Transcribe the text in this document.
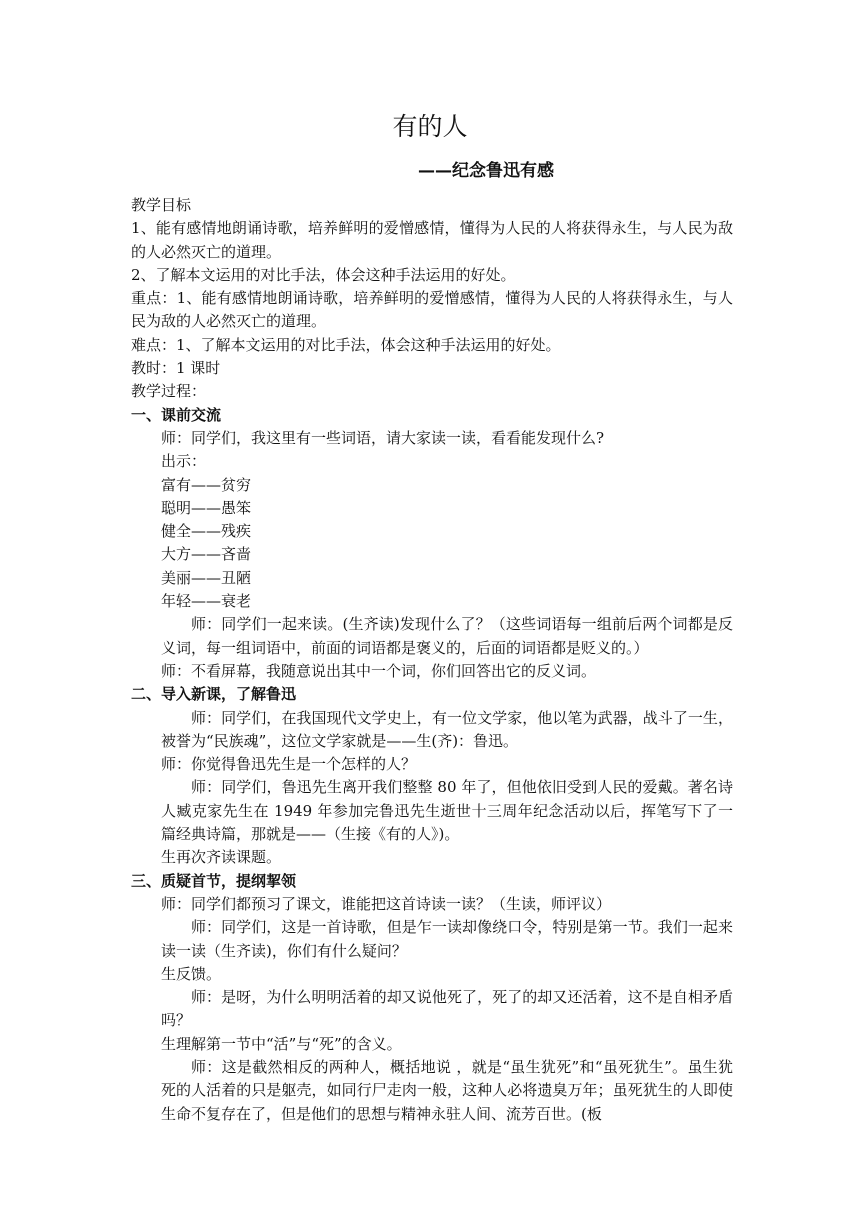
有的人
——纪念鲁迅有感
教学目标
1、能有感情地朗诵诗歌，培养鲜明的爱憎感情，懂得为人民的人将获得永生，与人民为敌的人必然灭亡的道理。
2、了解本文运用的对比手法，体会这种手法运用的好处。
重点：1、能有感情地朗诵诗歌，培养鲜明的爱憎感情，懂得为人民的人将获得永生，与人民为敌的人必然灭亡的道理。
难点：1、了解本文运用的对比手法，体会这种手法运用的好处。
教时：1 课时
教学过程：
一、课前交流
师：同学们，我这里有一些词语，请大家读一读，看看能发现什么?
出示：
富有——贫穷
聪明——愚笨
健全——残疾
大方——吝啬
美丽——丑陋
年轻——衰老
师：同学们一起来读。(生齐读)发现什么了？（这些词语每一组前后两个词都是反义词，每一组词语中，前面的词语都是褒义的，后面的词语都是贬义的。）
师：不看屏幕，我随意说出其中一个词，你们回答出它的反义词。
二、导入新课，了解鲁迅
师：同学们，在我国现代文学史上，有一位文学家，他以笔为武器，战斗了一生，被誉为“民族魂”，这位文学家就是——生(齐)：鲁迅。
师：你觉得鲁迅先生是一个怎样的人？
师：同学们，鲁迅先生离开我们整整 80 年了，但他依旧受到人民的爱戴。著名诗人臧克家先生在 1949 年参加完鲁迅先生逝世十三周年纪念活动以后，挥笔写下了一篇经典诗篇，那就是——（生接《有的人》)。
生再次齐读课题。
三、质疑首节，提纲挈领
师：同学们都预习了课文，谁能把这首诗读一读？（生读，师评议）
师：同学们，这是一首诗歌，但是乍一读却像绕口令，特别是第一节。我们一起来读一读（生齐读)，你们有什么疑问？
生反馈。
师：是呀，为什么明明活着的却又说他死了，死了的却又还活着，这不是自相矛盾吗？
生理解第一节中“活”与“死”的含义。
师：这是截然相反的两种人，概括地说 ，就是“虽生犹死”和“虽死犹生”。虽生犹死的人活着的只是躯壳，如同行尸走肉一般，这种人必将遗臭万年；虽死犹生的人即使生命不复存在了，但是他们的思想与精神永驻人间、流芳百世。(板
